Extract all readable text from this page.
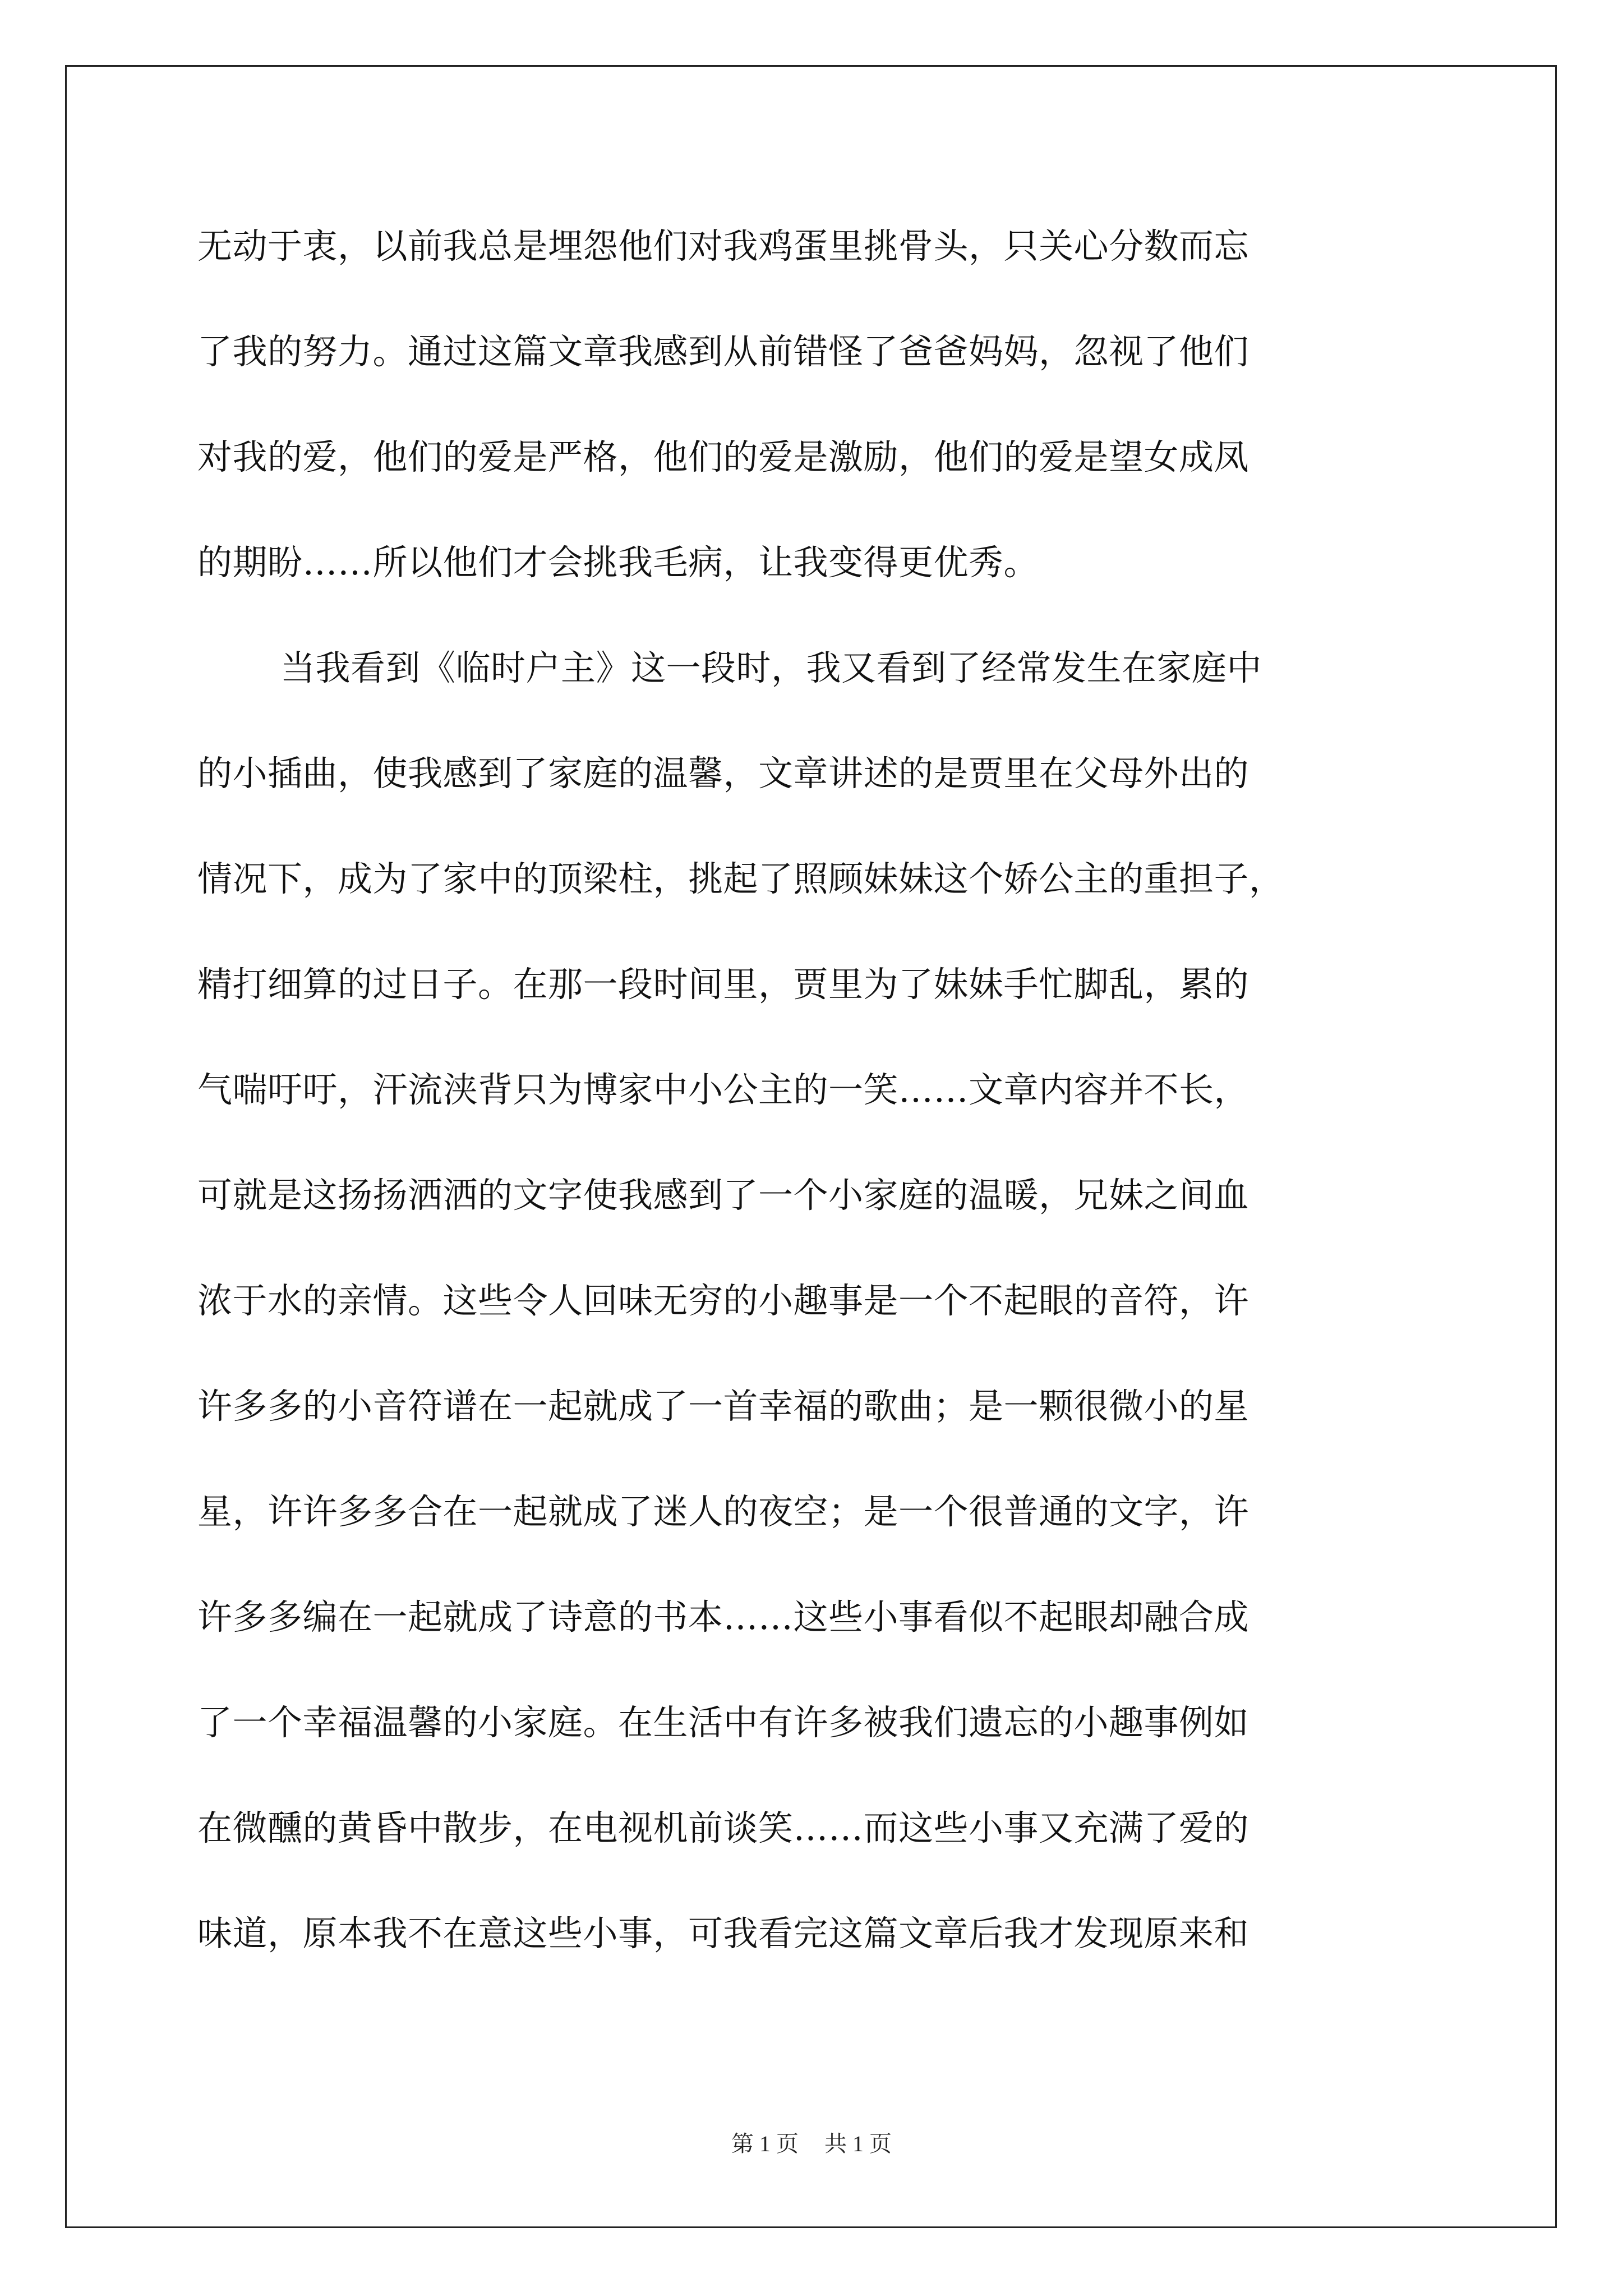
无动于衷，以前我总是埋怨他们对我鸡蛋里挑骨头，只关心分数而忘
了我的努力。通过这篇文章我感到从前错怪了爸爸妈妈，忽视了他们
对我的爱，他们的爱是严格，他们的爱是激励，他们的爱是望女成凤
的期盼……所以他们才会挑我毛病，让我变得更优秀。
当我看到《临时户主》这一段时，我又看到了经常发生在家庭中
的小插曲，使我感到了家庭的温馨，文章讲述的是贾里在父母外出的
情况下，成为了家中的顶梁柱，挑起了照顾妹妹这个娇公主的重担子，
精打细算的过日子。在那一段时间里，贾里为了妹妹手忙脚乱，累的
气喘吁吁，汗流浃背只为博家中小公主的一笑……文章内容并不长，
可就是这扬扬洒洒的文字使我感到了一个小家庭的温暖，兄妹之间血
浓于水的亲情。这些令人回味无穷的小趣事是一个不起眼的音符，许
许多多的小音符谱在一起就成了一首幸福的歌曲；是一颗很微小的星
星，许许多多合在一起就成了迷人的夜空；是一个很普通的文字，许
许多多编在一起就成了诗意的书本……这些小事看似不起眼却融合成
了一个幸福温馨的小家庭。在生活中有许多被我们遗忘的小趣事例如
在微醺的黄昏中散步，在电视机前谈笑……而这些小事又充满了爱的
味道，原本我不在意这些小事，可我看完这篇文章后我才发现原来和
第 1 页 共 1 页
